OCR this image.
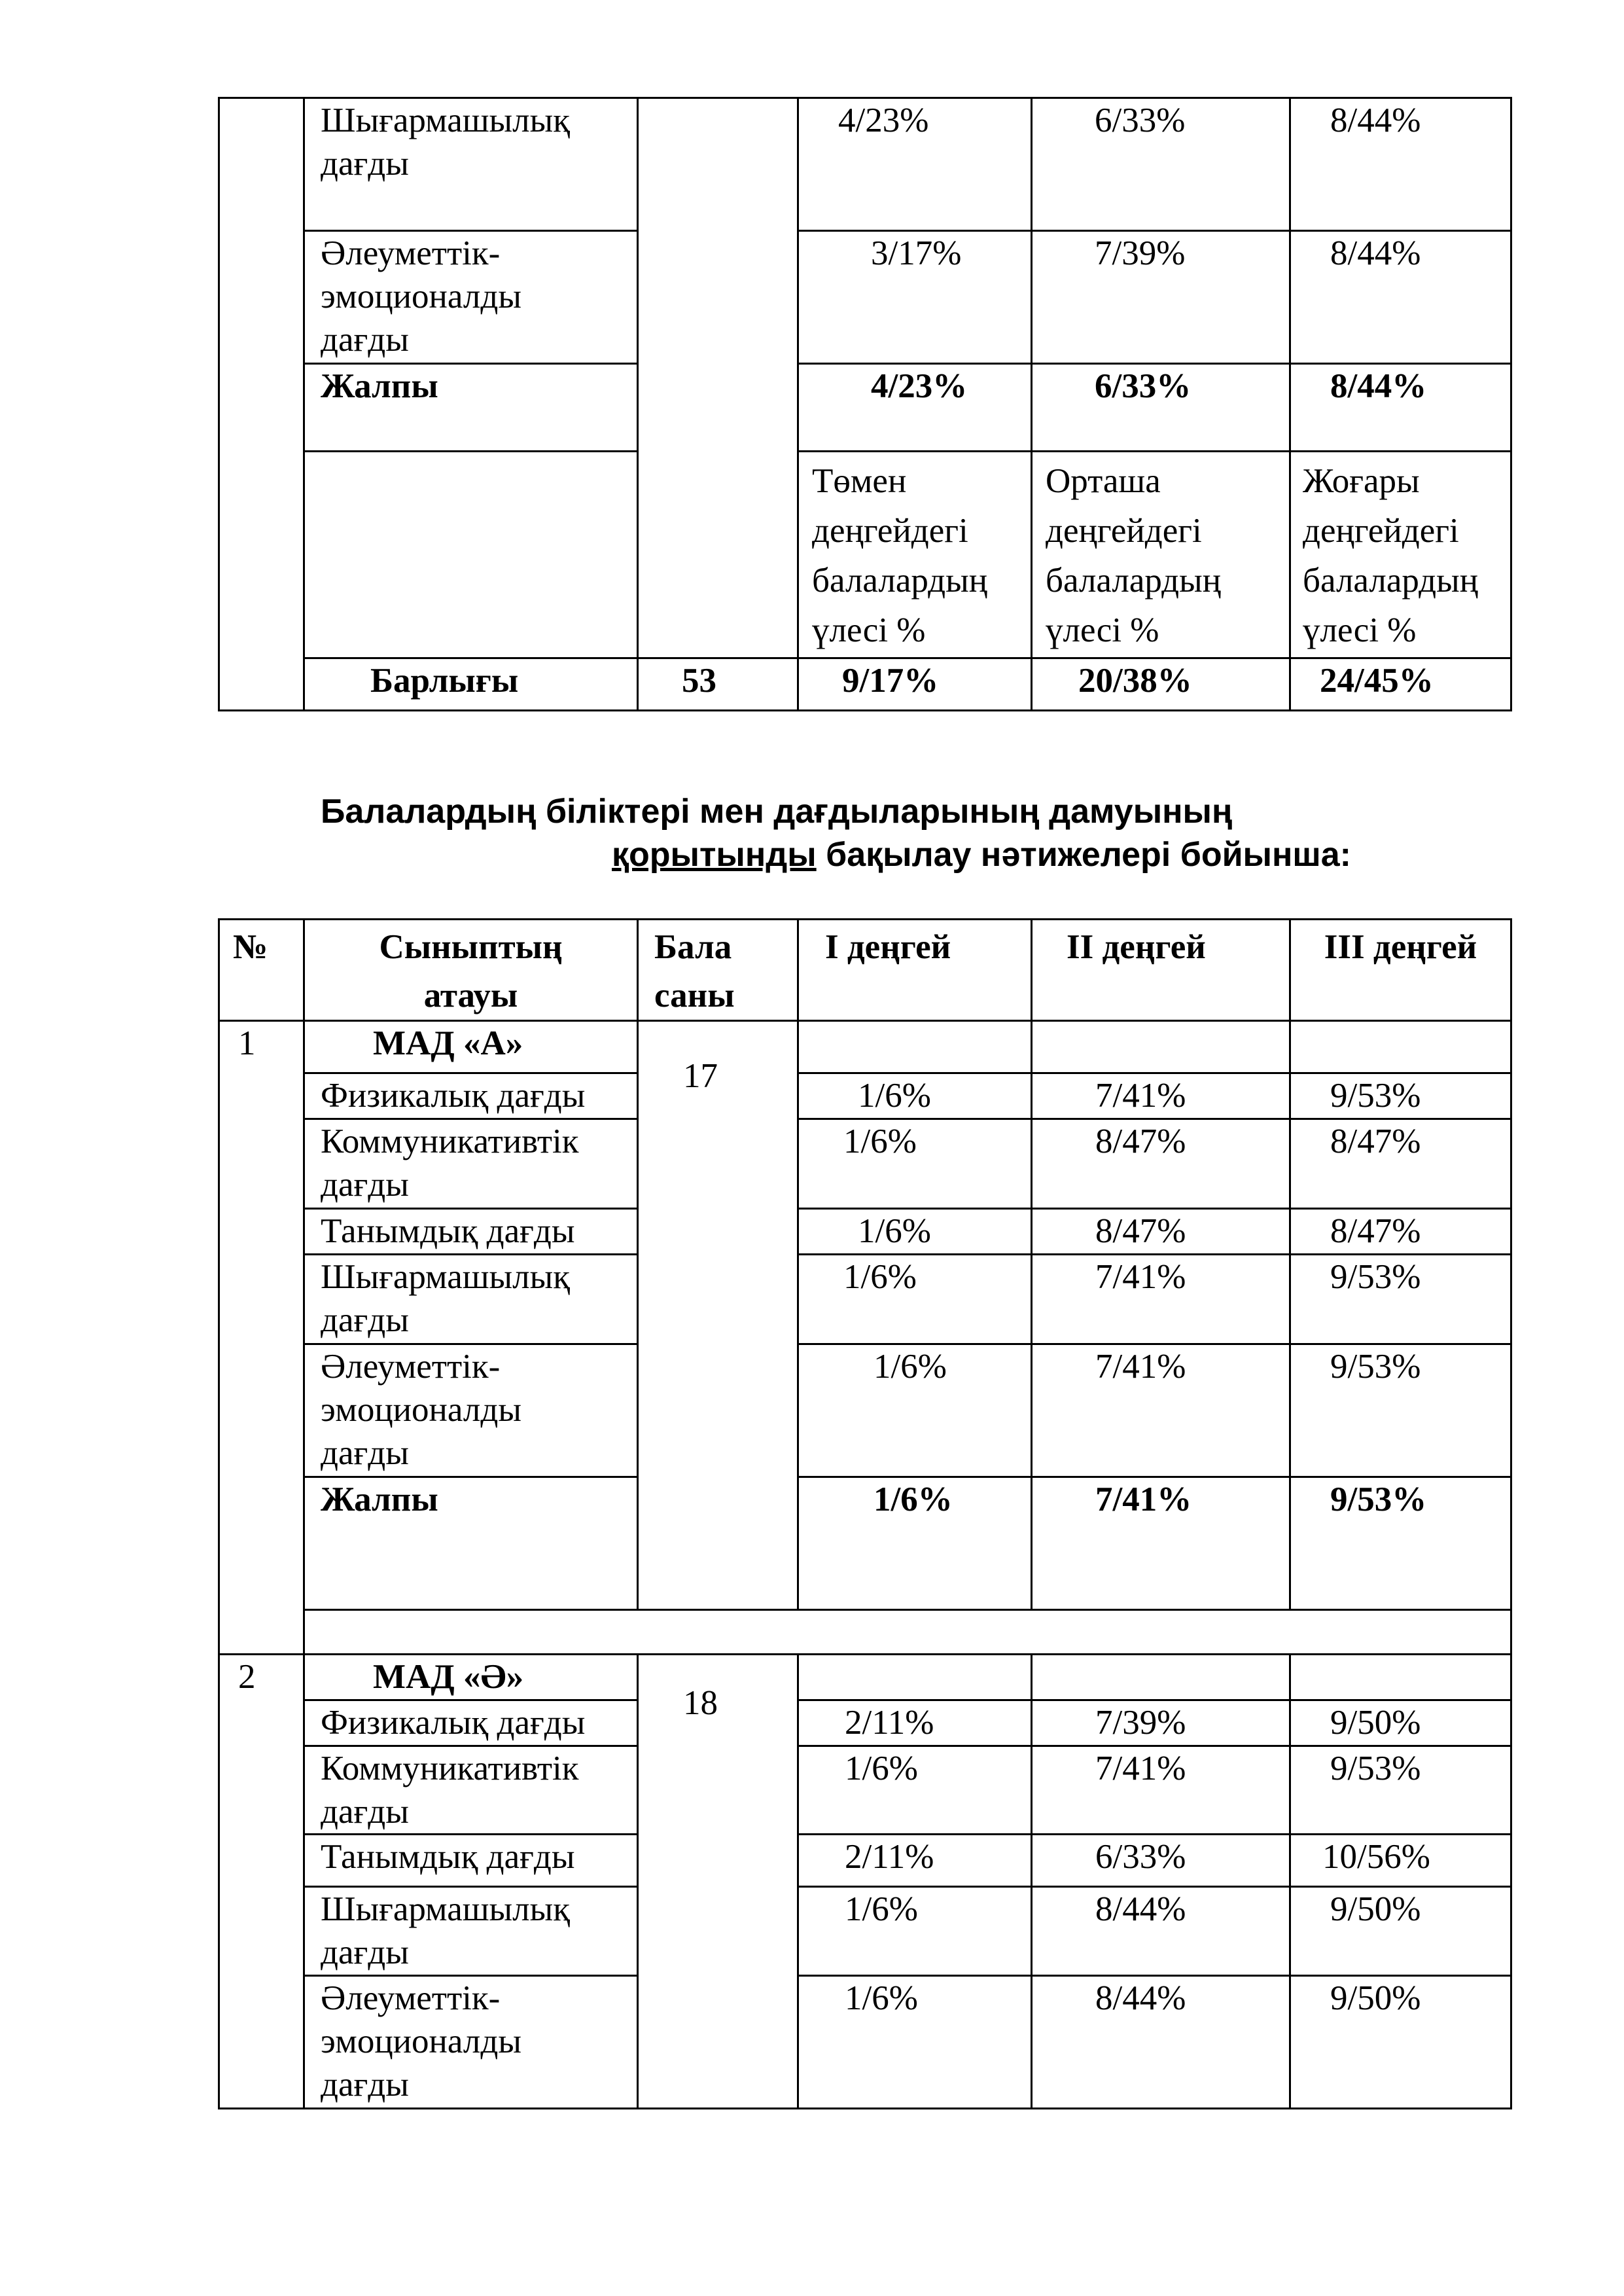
	Шығармашылық дағды		4/23%	6/33%	8/44%
	Әлеуметтік-эмоционалды дағды		3/17%	7/39%	8/44%
	Жалпы		4/23%	6/33%	8/44%
			Төмен деңгейдегі балалардың үлесі %	Орташа деңгейдегі балалардың үлесі %	Жоғары деңгейдегі балалардың үлесі %
	Барлығы	53	9/17%	20/38%	24/45%
Балалардың біліктері мен дағдыларының дамуының
қорытынды бақылау нәтижелері бойынша:
№	Сыныптың атауы	Бала саны	І деңгей	ІІ деңгей	ІІІ деңгей
1	МАД «А»	17			
	Физикалық дағды		1/6%	7/41%	9/53%
	Коммуникативтік дағды		1/6%	8/47%	8/47%
	Танымдық дағды		1/6%	8/47%	8/47%
	Шығармашылық дағды		1/6%	7/41%	9/53%
	Әлеуметтік-эмоционалды дағды		1/6%	7/41%	9/53%
	Жалпы		1/6%	7/41%	9/53%

2	МАД «Ә»	18			
	Физикалық дағды		2/11%	7/39%	9/50%
	Коммуникативтік дағды		1/6%	7/41%	9/53%
	Танымдық дағды		2/11%	6/33%	10/56%
	Шығармашылық дағды		1/6%	8/44%	9/50%
	Әлеуметтік-эмоционалды дағды		1/6%	8/44%	9/50%
